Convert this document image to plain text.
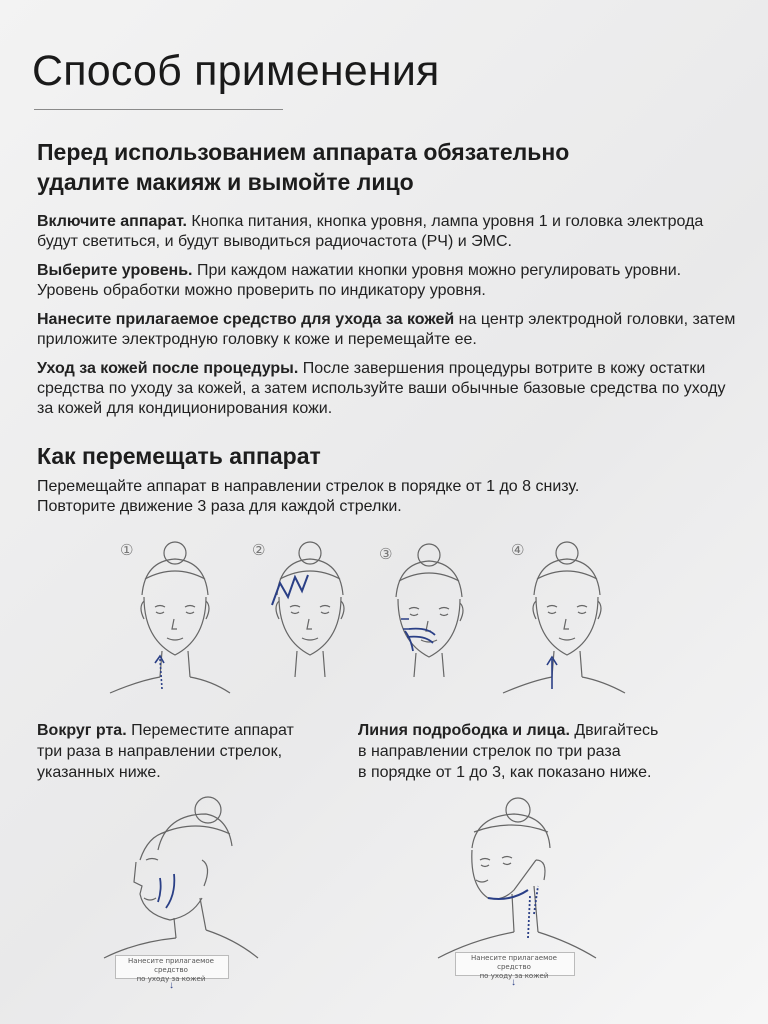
Способ применения
Перед использованием аппарата обязательно
удалите макияж и вымойте лицо

Включите аппарат. Кнопка питания, кнопка уровня, лампа уровня 1 и головка электрода будут светиться, и будут выводиться радиочастота (РЧ) и ЭМС.

Выберите уровень. При каждом нажатии кнопки уровня можно регулировать уровни. Уровень обработки можно проверить по индикатору уровня.

Нанесите прилагаемое средство для ухода за кожей на центр электродной головки, затем приложите электродную головку к коже и перемещайте ее.

Уход за кожей после процедуры. После завершения процедуры вотрите в кожу остатки средства по уходу за кожей, а затем используйте ваши обычные базовые средства по уходу за кожей для кондиционирования кожи.

Как перемещать аппарат

Перемещайте аппарат в направлении стрелок в порядке от 1 до 8 снизу.
Повторите движение 3 раза для каждой стрелки.

①	②	③	④

Вокруг рта. Переместите аппарат
три раза в направлении стрелок,
указанных ниже.

Линия подрободка и лица. Двигайтесь
в направлении стрелок по три раза
в порядке от 1 до 3, как показано ниже.

Нанесите прилагаемое средство
по уходу за кожей
↓
Нанесите прилагаемое средство
по уходу за кожей
↓
